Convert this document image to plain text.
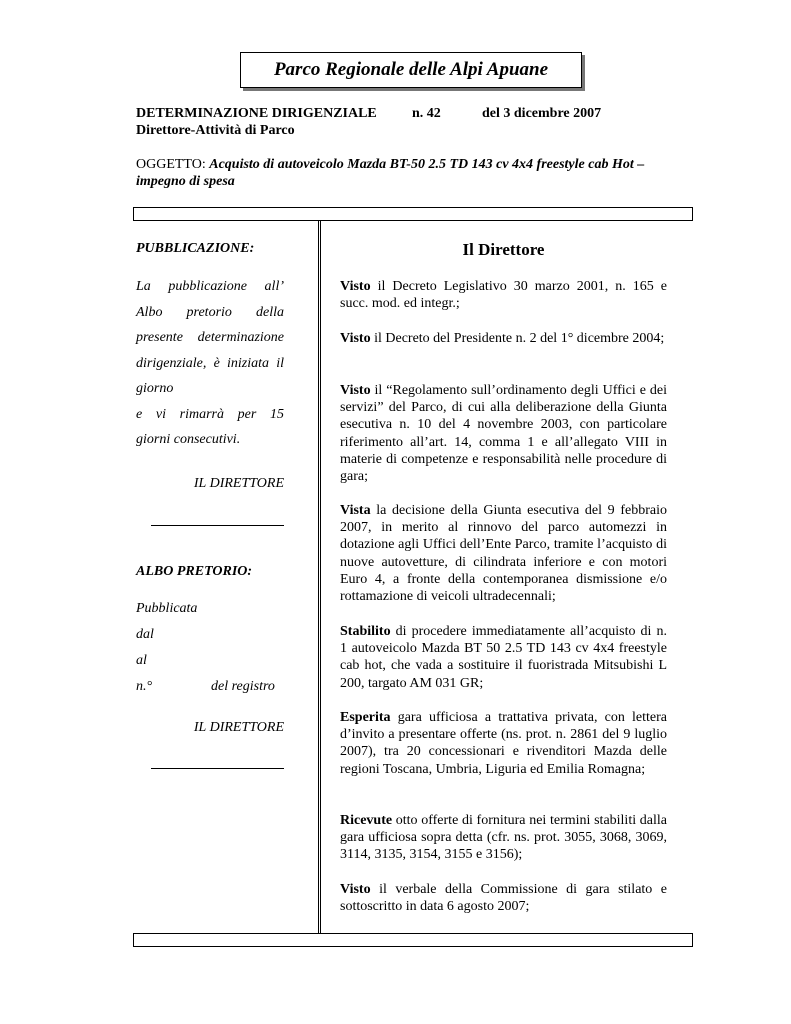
Parco Regionale delle Alpi Apuane
DETERMINAZIONE DIRIGENZIALE	n. 42	del 3 dicembre 2007
Direttore-Attività di Parco
OGGETTO: Acquisto di autoveicolo Mazda BT-50 2.5 TD 143 cv 4x4 freestyle cab Hot – impegno di spesa
PUBBLICAZIONE:
La pubblicazione all’
Albo pretorio della
presente determinazione
dirigenziale, è iniziata il
giorno
e vi rimarrà per 15
giorni consecutivi.
IL DIRETTORE
ALBO PRETORIO:
Pubblicata
dal
al
n.°	del registro
IL DIRETTORE
Il Direttore
Visto il Decreto Legislativo 30 marzo 2001, n. 165 e succ. mod. ed integr.;
Visto il Decreto del Presidente n. 2 del 1° dicembre 2004;
Visto il “Regolamento sull’ordinamento degli Uffici e dei servizi” del Parco, di cui alla deliberazione della Giunta esecutiva n. 10 del 4 novembre 2003, con particolare riferimento all’art. 14, comma 1 e all’allegato VIII in materie di competenze e responsabilità nelle procedure di gara;
Vista la decisione della Giunta esecutiva del 9 febbraio 2007, in merito al rinnovo del parco automezzi in dotazione agli Uffici dell’Ente Parco, tramite l’acquisto di nuove autovetture, di cilindrata inferiore e con motori Euro 4, a fronte della contemporanea dismissione e/o rottamazione di veicoli ultradecennali;
Stabilito di procedere immediatamente all’acquisto di n. 1 autoveicolo Mazda BT 50 2.5 TD 143 cv 4x4 freestyle cab hot, che vada a sostituire il fuoristrada Mitsubishi L 200, targato AM 031 GR;
Esperita gara ufficiosa a trattativa privata, con lettera d’invito a presentare offerte (ns. prot. n. 2861 del 9 luglio 2007), tra 20 concessionari e rivenditori Mazda delle regioni Toscana, Umbria, Liguria ed Emilia Romagna;
Ricevute otto offerte di fornitura nei termini stabiliti dalla gara ufficiosa sopra detta (cfr. ns. prot. 3055, 3068, 3069, 3114, 3135, 3154, 3155 e 3156);
Visto il verbale della Commissione di gara stilato e sottoscritto in data 6 agosto 2007;
